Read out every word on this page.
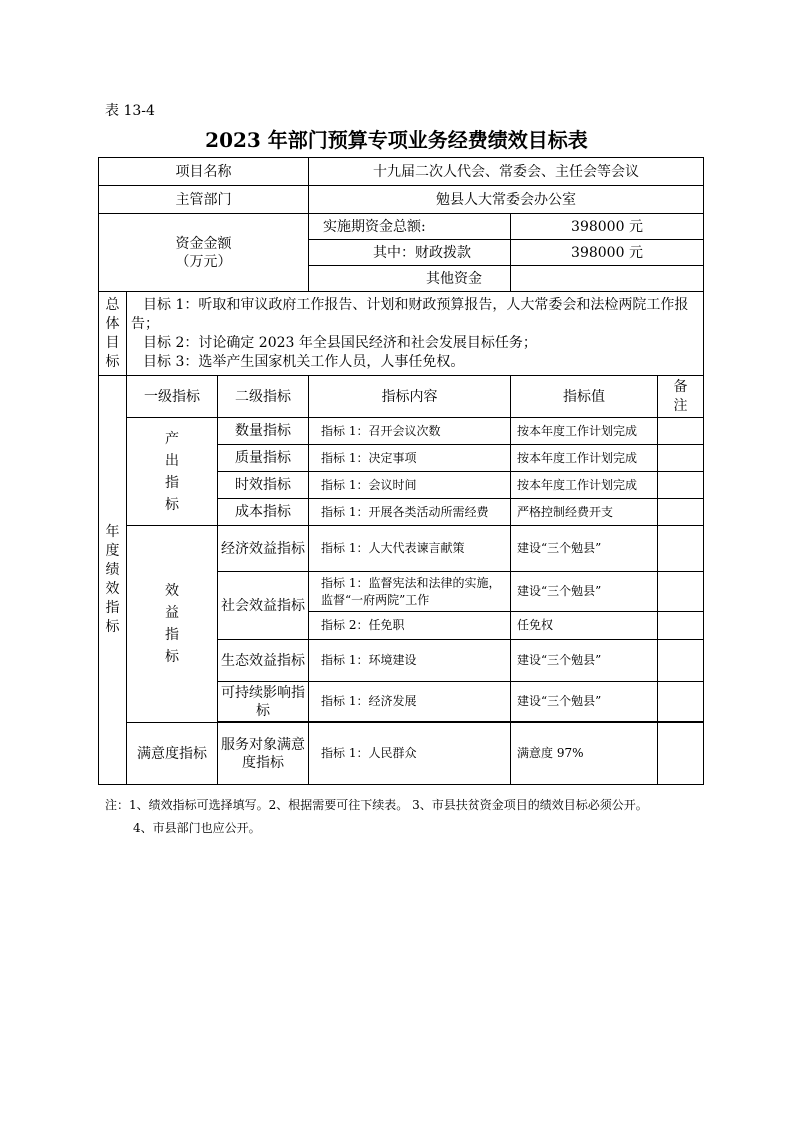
表 13-4
2023 年部门预算专项业务经费绩效目标表
项目名称			十九届二次人代会、常委会、主任会等会议		
主管部门			勉县人大常委会办公室		

资金金额
（万元）			实施期资金总额:	398000 元	
			其中：财政拨款	398000 元	
			其他资金		

总体目标	目标 1：听取和审议政府工作报告、计划和财政预算报告，人大常委会和法检两院工作报告；
目标 2：讨论确定 2023 年全县国民经济和社会发展目标任务；
目标 3：选举产生国家机关工作人员，人事任免权。				

年度绩效指标	一级指标	二级指标	指标内容	指标值	备注

	产出指标	数量指标	指标 1：召开会议次数	按本年度工作计划完成	
		质量指标	指标 1：决定事项	按本年度工作计划完成	
		时效指标	指标 1：会议时间	按本年度工作计划完成	
		成本指标	指标 1：开展各类活动所需经费	严格控制经费开支	

	效益指标	经济效益指标	指标 1：人大代表谏言献策	建设“三个勉县”	
		社会效益指标	指标 1：监督宪法和法律的实施，监督“一府两院”工作	建设“三个勉县”	
			指标 2：任免职	任免权	
		生态效益指标	指标 1：环境建设	建设“三个勉县”	
		可持续影响指标	指标 1：经济发展	建设“三个勉县”	

	满意度指标	服务对象满意度指标	指标 1：人民群众	满意度 97%	
注：1、绩效指标可选择填写。2、根据需要可往下续表。 3、市县扶贫资金项目的绩效目标必须公开。
4、市县部门也应公开。
